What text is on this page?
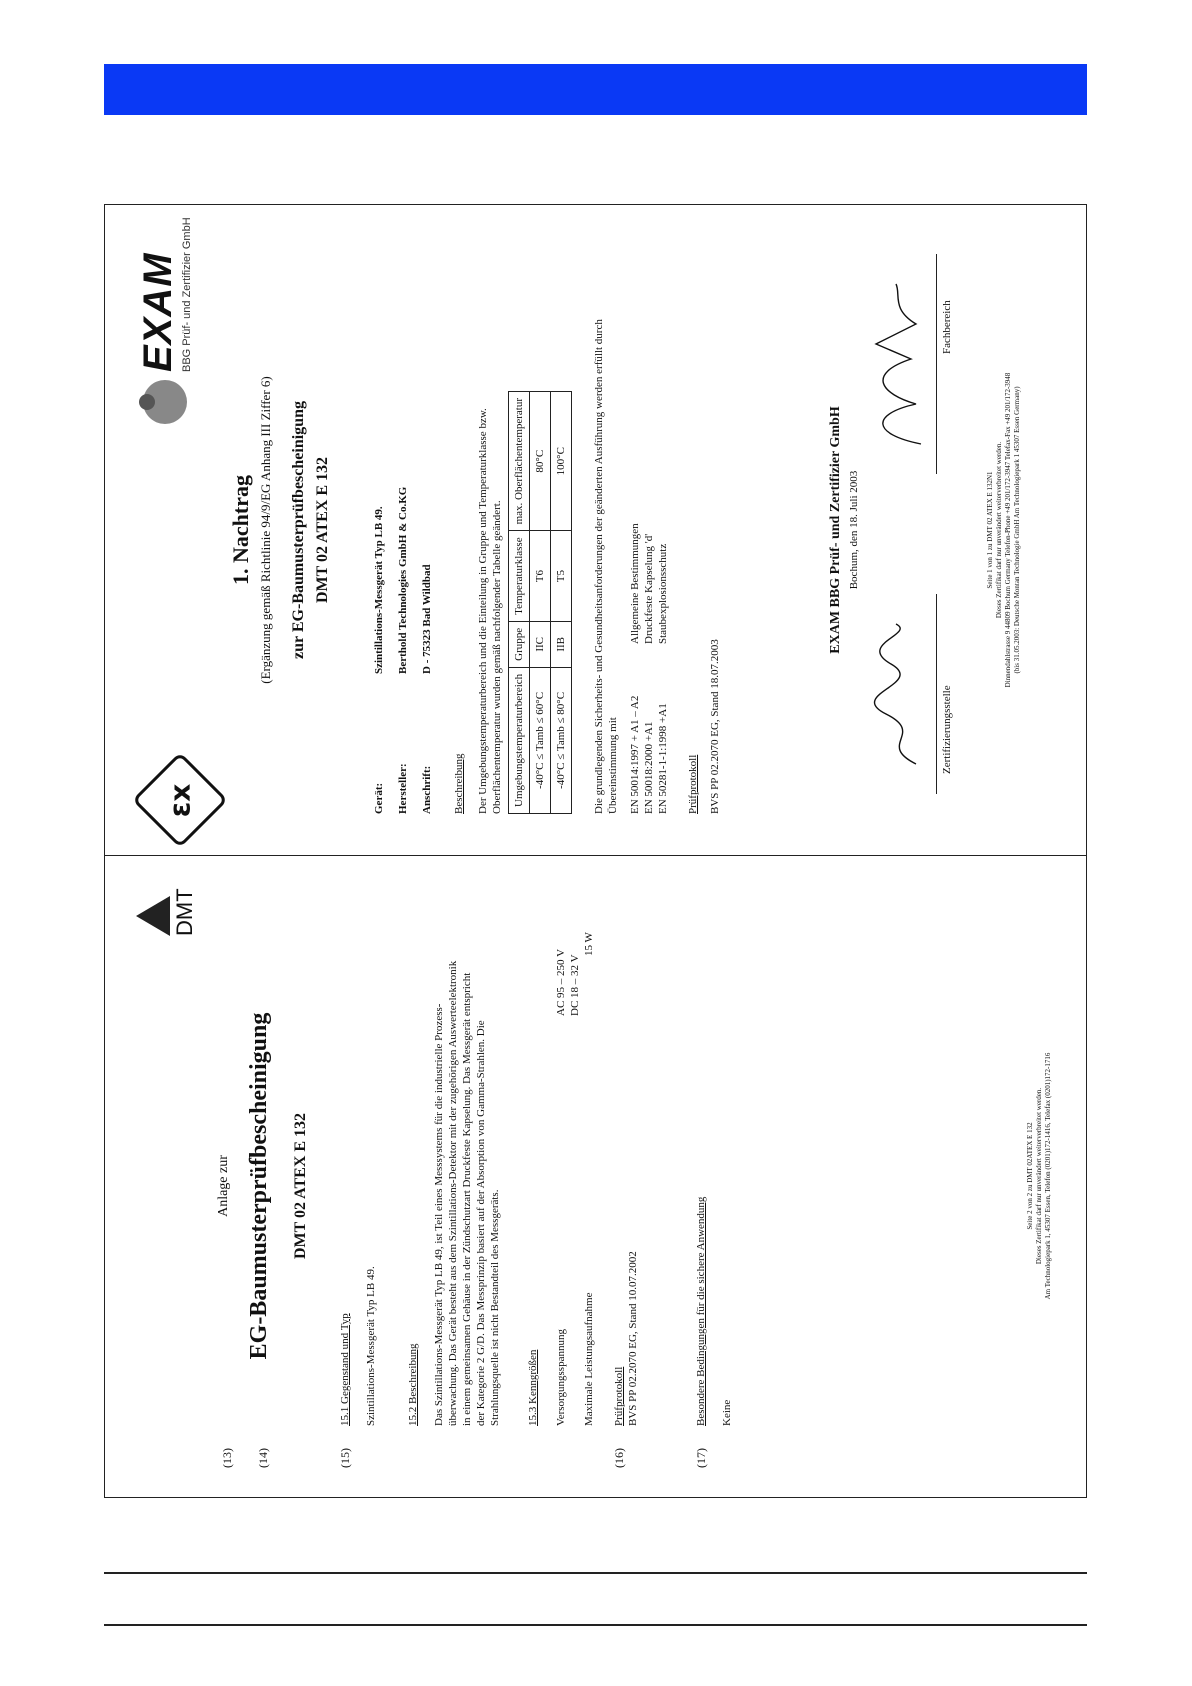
DMT
(13)
Anlage zur
(14)
EG-Baumusterprüfbescheinigung DMT 02 ATEX E 132
(15)
15.1 Gegenstand und Typ Szintillations-Messgerät Typ LB 49.	15.2 Beschreibung Das Szintillations-Messgerät Typ LB 49, ist Teil eines Messsystems für die industrielle Prozess- überwachung. Das Gerät besteht aus dem Szintillations-Detektor mit der zugehörigen Auswerteelektronik in einem gemeinsamen Gehäuse in der Zündschutzart Druckfeste Kapselung. Das Messgerät entspricht der Kategorie 2 G/D. Das Messprinzip basiert auf der Absorption von Gamma-Strahlen. Die Strahlungsquelle ist nicht Bestandteil des Messgeräts. 15.3 Kenngrößen Versorgungsspannung
AC 95 – 250 V DC 18 – 32 V
Maximale Leistungsaufnahme
15 W
(16)
Prüfprotokoll BVS PP 02.2070 EG, Stand 10.07.2002
(17)
Besondere Bedingungen für die sichere Anwendung Keine
Seite 2 von 2 zu DMT 02ATEX E 132 Dieses Zertifikat darf nur unverändert weiterverbreitet werden. Am Technologiepark 1, 45307 Essen, Telefon (0201)172-1416, Telefax (0201)172-1716
εx
EXAM BBG Prüf- und Zertifizier GmbH
1. Nachtrag (Ergänzung gemäß Richtlinie 94/9/EG Anhang III Ziffer 6) zur EG-Baumusterprüfbescheinigung DMT 02 ATEX E 132
Gerät:
Szintillations-Messgerät Typ LB 49.
Hersteller:
Berthold Technologies GmbH & Co.KG
Anschrift:
D - 75323 Bad Wildbad
Beschreibung Der Umgebungstemperaturbereich und die Einteilung in Gruppe und Temperaturklasse bzw. Oberflächentemperatur wurden gemäß nachfolgender Tabelle geändert. Umgebungstemperaturbereich	Gruppe	Temperaturklasse	max. Oberflächentemperatur
-40°C ≤ Tamb ≤ 60°C	IIC	T6	80°C
-40°C ≤ Tamb ≤ 80°C	IIB	T5	100°C Die grundlegenden Sicherheits- und Gesundheitsanforderungen der geänderten Ausführung werden erfüllt durch Übereinstimmung mit EN 50014:1997 + A1 – A2
Allgemeine Bestimmungen
EN 50018:2000 +A1
Druckfeste Kapselung 'd'
EN 50281-1-1:1998 +A1
Staubexplosionsschutz
Prüfprotokoll BVS PP 02.2070 EG, Stand 18.07.2003
EXAM BBG Prüf- und Zertifizier GmbH Bochum, den 18. Juli 2003
Zertifizierungsstelle
Fachbereich
Seite 1 von 1 zu DMT 02 ATEX E 132N1 Dieses Zertifikat darf nur unverändert weiterverbreitet werden. Dinnendahlstrasse 9 44809 Bochum Germany Telefon-Phone +49 201/172-3947 Telefax-Fax +49 201/172-3948 (bis 31.05.2003: Deutsche Montan Technologie GmbH Am Technologiepark 1 45307 Essen Germany)
